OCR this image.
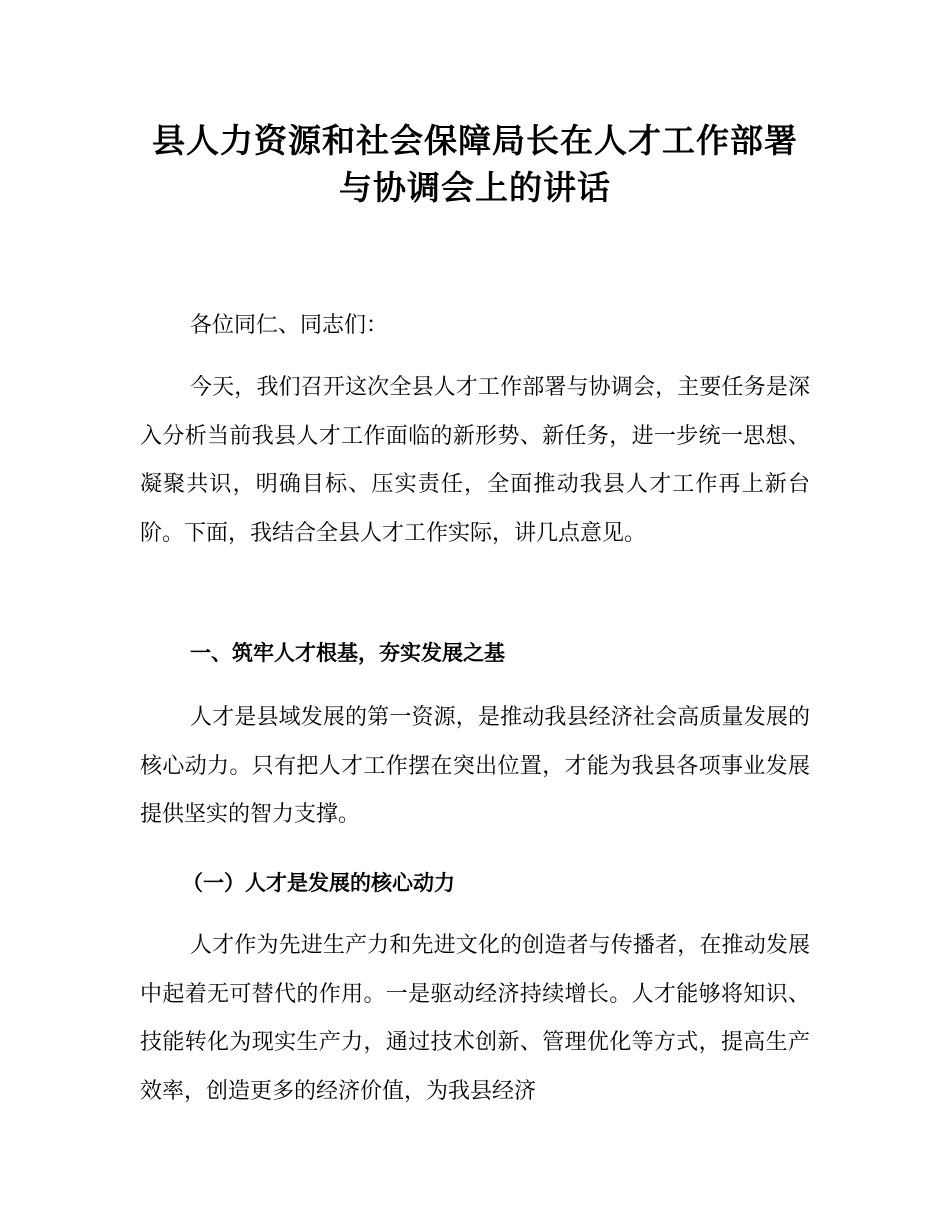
县人力资源和社会保障局长在人才工作部署
与协调会上的讲话

各位同仁、同志们：

今天，我们召开这次全县人才工作部署与协调会，主要任务是深入分析当前我县人才工作面临的新形势、新任务，进一步统一思想、凝聚共识，明确目标、压实责任，全面推动我县人才工作再上新台阶。下面，我结合全县人才工作实际，讲几点意见。

一、筑牢人才根基，夯实发展之基

人才是县域发展的第一资源，是推动我县经济社会高质量发展的核心动力。只有把人才工作摆在突出位置，才能为我县各项事业发展提供坚实的智力支撑。

（一）人才是发展的核心动力

人才作为先进生产力和先进文化的创造者与传播者，在推动发展中起着无可替代的作用。一是驱动经济持续增长。人才能够将知识、技能转化为现实生产力，通过技术创新、管理优化等方式，提高生产效率，创造更多的经济价值，为我县经济
